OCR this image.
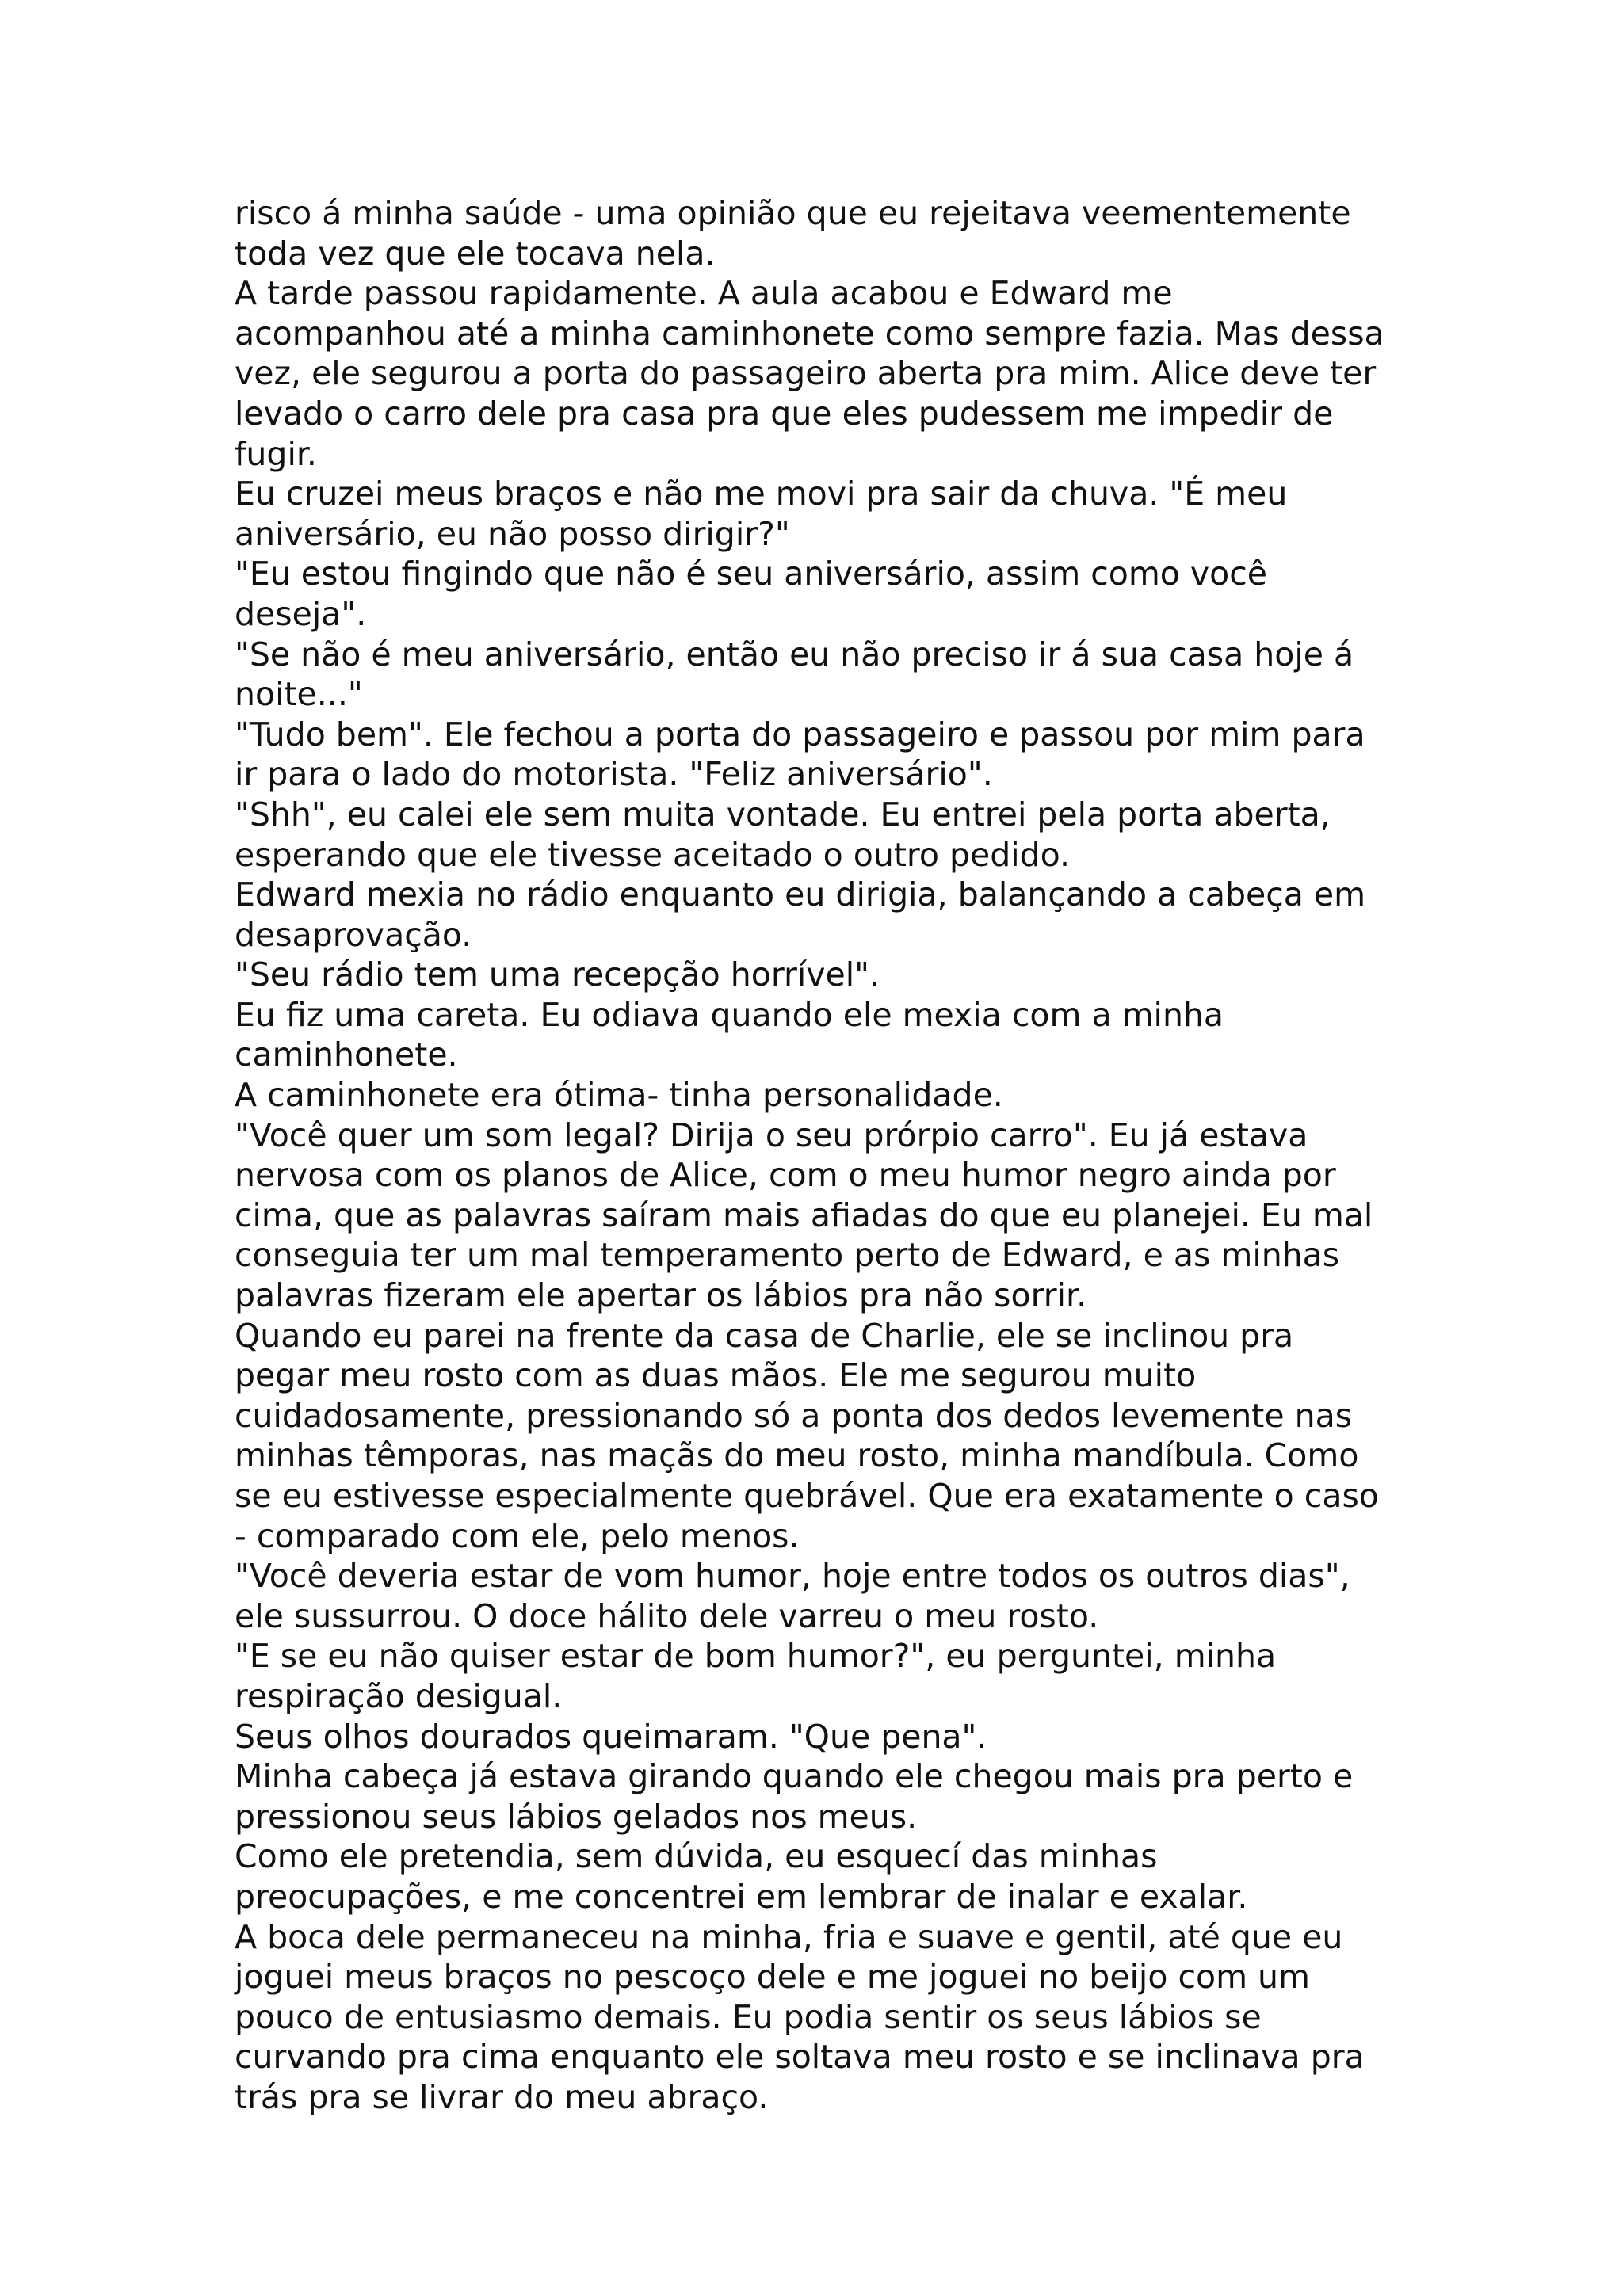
risco á minha saúde - uma opinião que eu rejeitava veementemente
toda vez que ele tocava nela.
A tarde passou rapidamente. A aula acabou e Edward me
acompanhou até a minha caminhonete como sempre fazia. Mas dessa
vez, ele segurou a porta do passageiro aberta pra mim. Alice deve ter
levado o carro dele pra casa pra que eles pudessem me impedir de
fugir.
Eu cruzei meus braços e não me movi pra sair da chuva. "É meu
aniversário, eu não posso dirigir?"
"Eu estou fingindo que não é seu aniversário, assim como você
deseja".
"Se não é meu aniversário, então eu não preciso ir á sua casa hoje á
noite..."
"Tudo bem". Ele fechou a porta do passageiro e passou por mim para
ir para o lado do motorista. "Feliz aniversário".
"Shh", eu calei ele sem muita vontade. Eu entrei pela porta aberta,
esperando que ele tivesse aceitado o outro pedido.
Edward mexia no rádio enquanto eu dirigia, balançando a cabeça em
desaprovação.
"Seu rádio tem uma recepção horrível".
Eu fiz uma careta. Eu odiava quando ele mexia com a minha
caminhonete.
A caminhonete era ótima- tinha personalidade.
"Você quer um som legal? Dirija o seu prórpio carro". Eu já estava
nervosa com os planos de Alice, com o meu humor negro ainda por
cima, que as palavras saíram mais afiadas do que eu planejei. Eu mal
conseguia ter um mal temperamento perto de Edward, e as minhas
palavras fizeram ele apertar os lábios pra não sorrir.
Quando eu parei na frente da casa de Charlie, ele se inclinou pra
pegar meu rosto com as duas mãos. Ele me segurou muito
cuidadosamente, pressionando só a ponta dos dedos levemente nas
minhas têmporas, nas maçãs do meu rosto, minha mandíbula. Como
se eu estivesse especialmente quebrável. Que era exatamente o caso
- comparado com ele, pelo menos.
"Você deveria estar de vom humor, hoje entre todos os outros dias",
ele sussurrou. O doce hálito dele varreu o meu rosto.
"E se eu não quiser estar de bom humor?", eu perguntei, minha
respiração desigual.
Seus olhos dourados queimaram. "Que pena".
Minha cabeça já estava girando quando ele chegou mais pra perto e
pressionou seus lábios gelados nos meus.
Como ele pretendia, sem dúvida, eu esquecí das minhas
preocupações, e me concentrei em lembrar de inalar e exalar.
A boca dele permaneceu na minha, fria e suave e gentil, até que eu
joguei meus braços no pescoço dele e me joguei no beijo com um
pouco de entusiasmo demais. Eu podia sentir os seus lábios se
curvando pra cima enquanto ele soltava meu rosto e se inclinava pra
trás pra se livrar do meu abraço.
